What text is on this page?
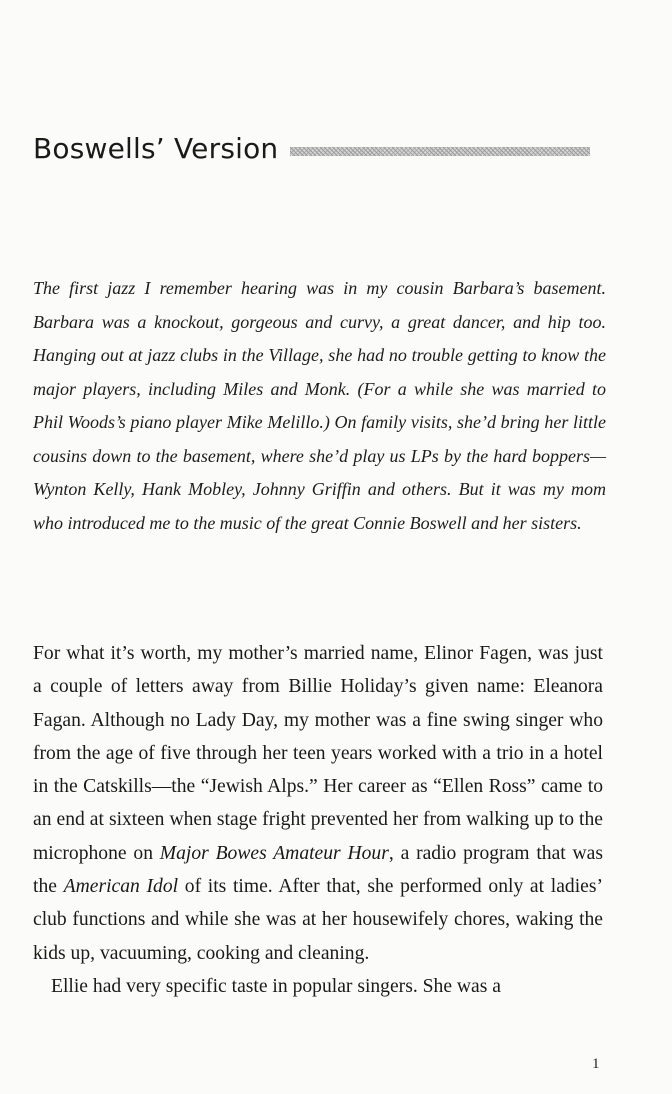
Boswells’ Version
The first jazz I remember hearing was in my cousin Barbara’s basement. Barbara was a knockout, gorgeous and curvy, a great dancer, and hip too. Hanging out at jazz clubs in the Village, she had no trouble getting to know the major players, including Miles and Monk. (For a while she was married to Phil Woods’s piano player Mike Melillo.) On family visits, she’d bring her little cousins down to the basement, where she’d play us LPs by the hard boppers—Wynton Kelly, Hank Mobley, Johnny Griffin and others. But it was my mom who introduced me to the music of the great Connie Boswell and her sisters.

For what it’s worth, my mother’s married name, Elinor Fagen, was just a couple of letters away from Billie Holiday’s given name: Eleanora Fagan. Although no Lady Day, my mother was a fine swing singer who from the age of five through her teen years worked with a trio in a hotel in the Catskills—the “Jewish Alps.” Her career as “Ellen Ross” came to an end at sixteen when stage fright prevented her from walking up to the microphone on Major Bowes Amateur Hour, a radio program that was the American Idol of its time. After that, she performed only at ladies’ club functions and while she was at her housewifely chores, waking the kids up, vacuuming, cooking and cleaning.

Ellie had very specific taste in popular singers. She was a

1
